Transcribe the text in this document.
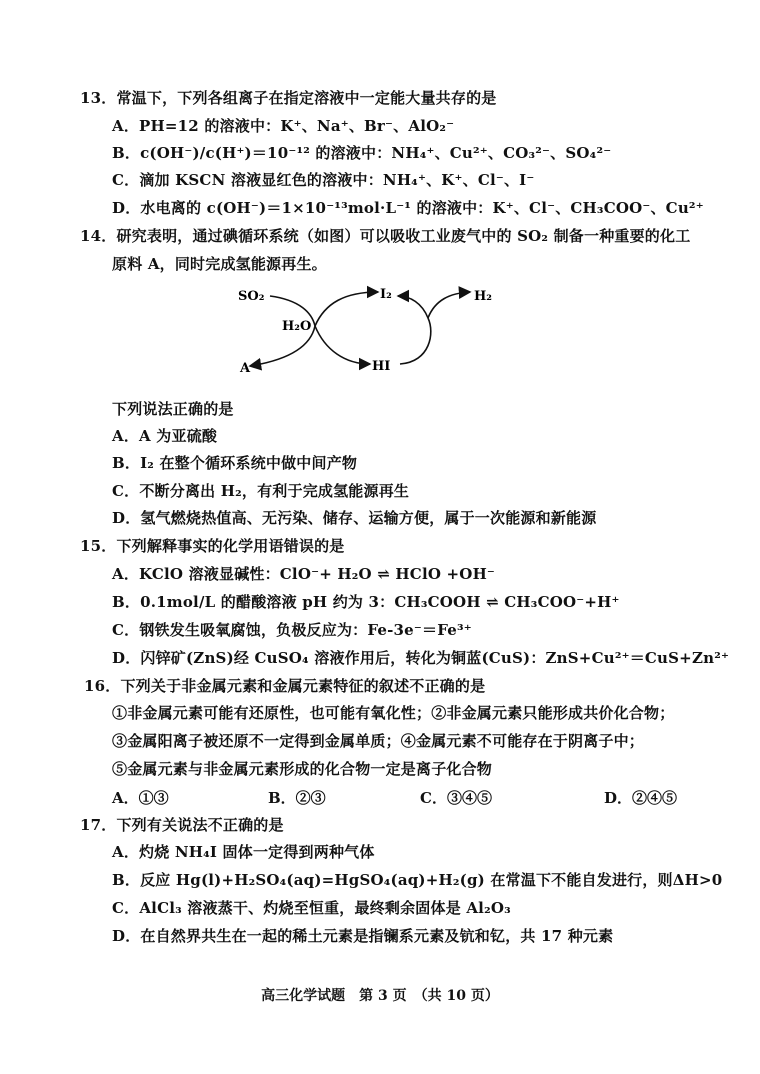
13．常温下，下列各组离子在指定溶液中一定能大量共存的是
A．PH=12 的溶液中：K⁺、Na⁺、Br⁻、AlO₂⁻
B．c(OH⁻)/c(H⁺)＝10⁻¹² 的溶液中：NH₄⁺、Cu²⁺、CO₃²⁻、SO₄²⁻
C．滴加 KSCN 溶液显红色的溶液中：NH₄⁺、K⁺、Cl⁻、I⁻
D．水电离的 c(OH⁻)＝1×10⁻¹³mol·L⁻¹ 的溶液中：K⁺、Cl⁻、CH₃COO⁻、Cu²⁺
14．研究表明，通过碘循环系统（如图）可以吸收工业废气中的 SO₂ 制备一种重要的化工
原料 A，同时完成氢能源再生。
SO₂
H₂O
A
I₂
HI
H₂
下列说法正确的是
A．A 为亚硫酸
B．I₂ 在整个循环系统中做中间产物
C．不断分离出 H₂，有利于完成氢能源再生
D．氢气燃烧热值高、无污染、储存、运输方便，属于一次能源和新能源
15．下列解释事实的化学用语错误的是
A．KClO 溶液显碱性：ClO⁻+ H₂O ⇌ HClO +OH⁻
B．0.1mol/L 的醋酸溶液 pH 约为 3：CH₃COOH ⇌ CH₃COO⁻+H⁺
C．钢铁发生吸氧腐蚀，负极反应为：Fe-3e⁻＝Fe³⁺
D．闪锌矿(ZnS)经 CuSO₄ 溶液作用后，转化为铜蓝(CuS)：ZnS+Cu²⁺＝CuS+Zn²⁺
16．下列关于非金属元素和金属元素特征的叙述不正确的是
①非金属元素可能有还原性，也可能有氧化性；②非金属元素只能形成共价化合物；
③金属阳离子被还原不一定得到金属单质；④金属元素不可能存在于阴离子中；
⑤金属元素与非金属元素形成的化合物一定是离子化合物
A．①③	B．②③	C．③④⑤	D．②④⑤
17．下列有关说法不正确的是
A．灼烧 NH₄I 固体一定得到两种气体
B．反应 Hg(l)+H₂SO₄(aq)=HgSO₄(aq)+H₂(g) 在常温下不能自发进行，则ΔH>0
C．AlCl₃ 溶液蒸干、灼烧至恒重，最终剩余固体是 Al₂O₃
D．在自然界共生在一起的稀土元素是指镧系元素及钪和钇，共 17 种元素
高三化学试题　第 3 页　（共 10 页）
